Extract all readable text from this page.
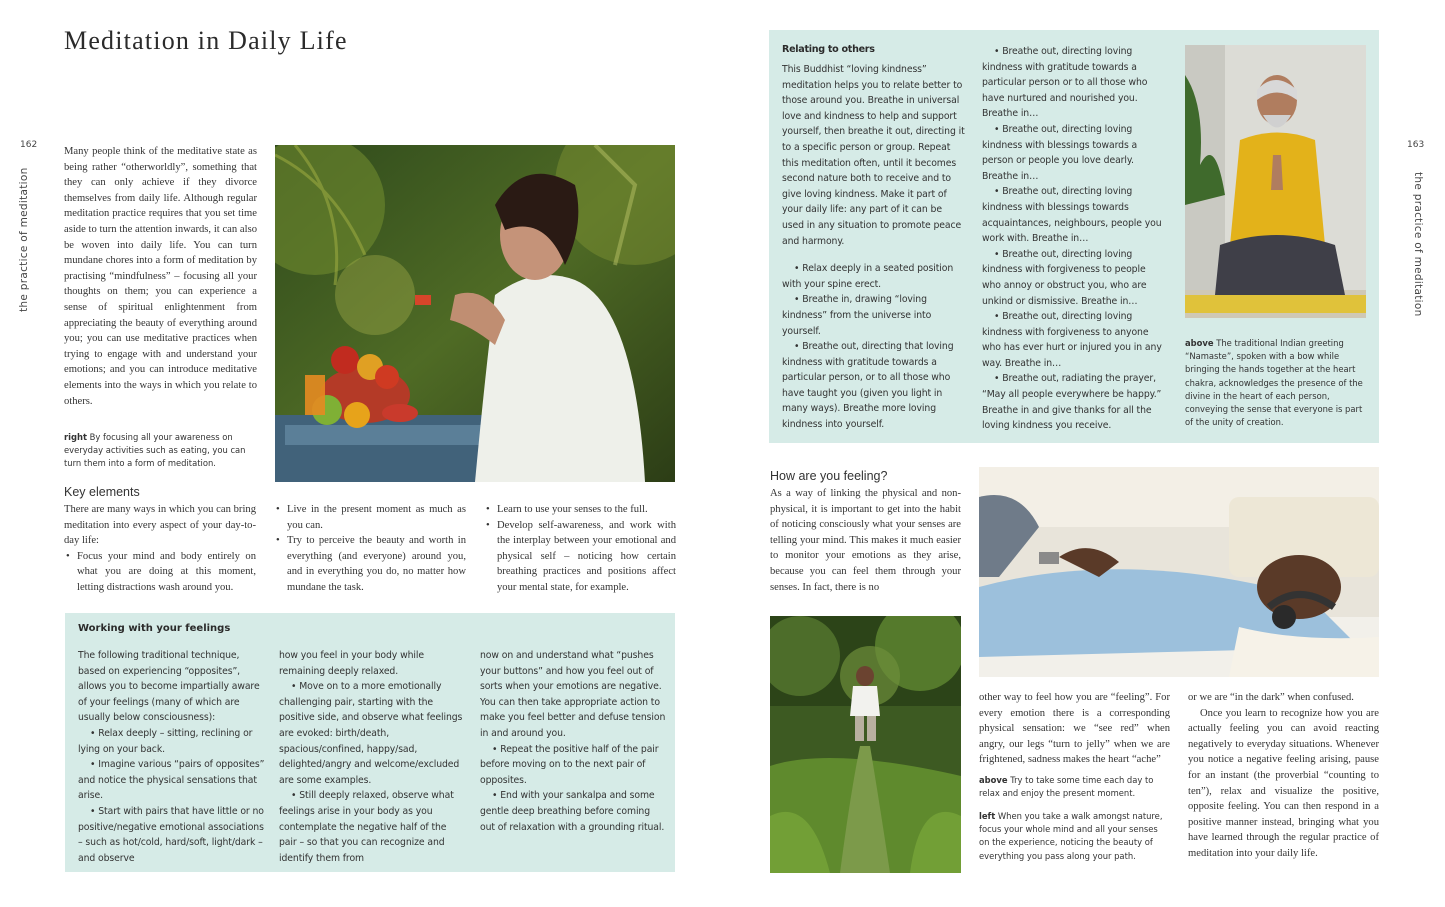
Meditation in Daily Life
162
the practice of meditation
163
the practice of meditation
Many people think of the meditative state as being rather “otherworldly”, something that they can only achieve if they divorce themselves from daily life. Although regular meditation practice requires that you set time aside to turn the attention inwards, it can also be woven into daily life. You can turn mundane chores into a form of meditation by practising “mindfulness” – focusing all your thoughts on them; you can experience a sense of spiritual enlightenment from appreciating the beauty of everything around you; you can use meditative practices when trying to engage with and understand your emotions; and you can introduce meditative elements into the ways in which you relate to others.
right By focusing all your awareness on everyday activities such as eating, you can turn them into a form of meditation.
Key elements
There are many ways in which you can bring meditation into every aspect of your day-to-day life:
• Focus your mind and body entirely on what you are doing at this moment, letting distractions wash around you.
• Live in the present moment as much as you can.
• Try to perceive the beauty and worth in everything (and everyone) around you, and in everything you do, no matter how mundane the task.
• Learn to use your senses to the full.
• Develop self-awareness, and work with the interplay between your emotional and physical self – noticing how certain breathing practices and positions affect your mental state, for example.
Working with your feelings
The following traditional technique, based on experiencing “opposites”, allows you to become impartially aware of your feelings (many of which are usually below consciousness):
• Relax deeply – sitting, reclining or lying on your back.
• Imagine various “pairs of opposites” and notice the physical sensations that arise.
• Start with pairs that have little or no positive/negative emotional associations – such as hot/cold, hard/soft, light/dark – and observe
how you feel in your body while remaining deeply relaxed.
• Move on to a more emotionally challenging pair, starting with the positive side, and observe what feelings are evoked: birth/death, spacious/confined, happy/sad, delighted/angry and welcome/excluded are some examples.
• Still deeply relaxed, observe what feelings arise in your body as you contemplate the negative half of the pair – so that you can recognize and identify them from
now on and understand what “pushes your buttons” and how you feel out of sorts when your emotions are negative. You can then take appropriate action to make you feel better and defuse tension in and around you.
• Repeat the positive half of the pair before moving on to the next pair of opposites.
• End with your sankalpa and some gentle deep breathing before coming out of relaxation with a grounding ritual.
Relating to others
This Buddhist “loving kindness” meditation helps you to relate better to those around you. Breathe in universal love and kindness to help and support yourself, then breathe it out, directing it to a specific person or group. Repeat this meditation often, until it becomes second nature both to receive and to give loving kindness. Make it part of your daily life: any part of it can be used in any situation to promote peace and harmony.
• Relax deeply in a seated position with your spine erect.
• Breathe in, drawing “loving kindness” from the universe into yourself.
• Breathe out, directing that loving kindness with gratitude towards a particular person, or to all those who have taught you (given you light in many ways). Breathe more loving kindness into yourself.
• Breathe out, directing loving kindness with gratitude towards a particular person or to all those who have nurtured and nourished you. Breathe in…
• Breathe out, directing loving kindness with blessings towards a person or people you love dearly. Breathe in…
• Breathe out, directing loving kindness with blessings towards acquaintances, neighbours, people you work with. Breathe in…
• Breathe out, directing loving kindness with forgiveness to people who annoy or obstruct you, who are unkind or dismissive. Breathe in…
• Breathe out, directing loving kindness with forgiveness to anyone who has ever hurt or injured you in any way. Breathe in…
• Breathe out, radiating the prayer, “May all people everywhere be happy.” Breathe in and give thanks for all the loving kindness you receive.
above The traditional Indian greeting “Namaste”, spoken with a bow while bringing the hands together at the heart chakra, acknowledges the presence of the divine in the heart of each person, conveying the sense that everyone is part of the unity of creation.
How are you feeling?
As a way of linking the physical and non-physical, it is important to get into the habit of noticing consciously what your senses are telling your mind. This makes it much easier to monitor your emotions as they arise, because you can feel them through your senses. In fact, there is no
other way to feel how you are “feeling”. For every emotion there is a corresponding physical sensation: we “see red” when angry, our legs “turn to jelly” when we are frightened, sadness makes the heart “ache”
above Try to take some time each day to relax and enjoy the present moment.
left When you take a walk amongst nature, focus your whole mind and all your senses on the experience, noticing the beauty of everything you pass along your path.
or we are “in the dark” when confused.
Once you learn to recognize how you are actually feeling you can avoid reacting negatively to everyday situations. Whenever you notice a negative feeling arising, pause for an instant (the proverbial “counting to ten”), relax and visualize the positive, opposite feeling. You can then respond in a positive manner instead, bringing what you have learned through the regular practice of meditation into your daily life.
